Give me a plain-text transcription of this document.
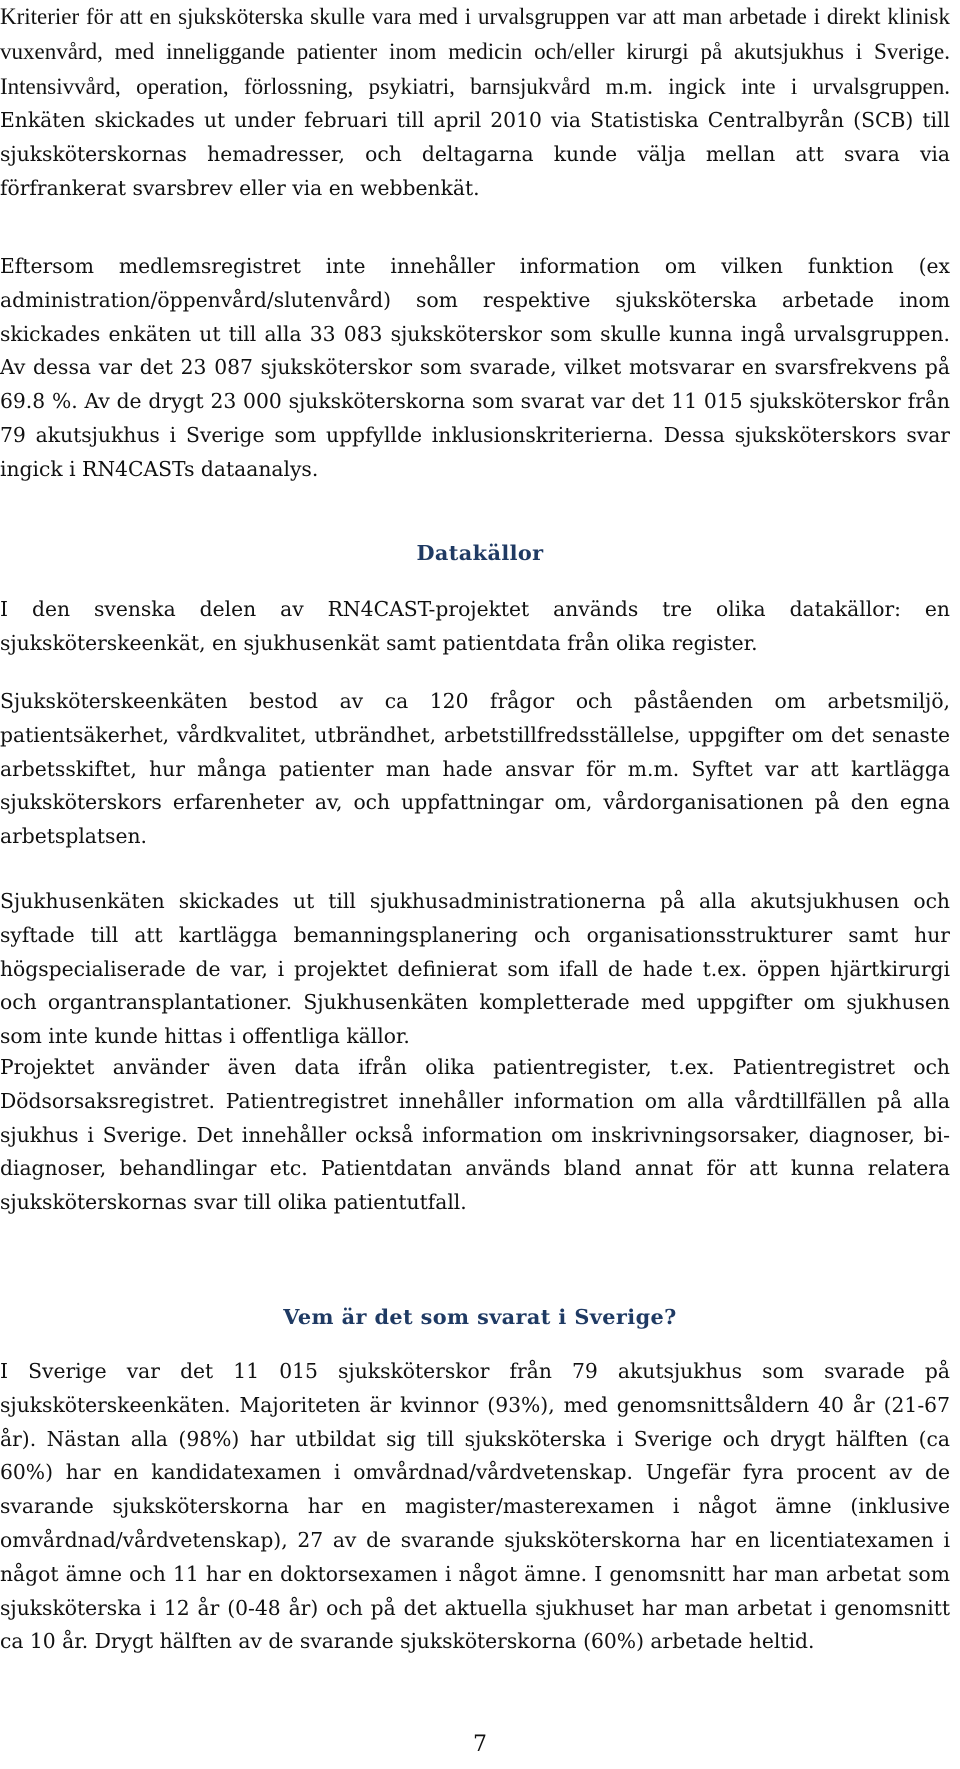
Kriterier för att en sjuksköterska skulle vara med i urvalsgruppen var att man arbetade i direkt klinisk vuxenvård, med inneliggande patienter inom medicin och/eller kirurgi på akutsjukhus i Sverige. Intensivvård, operation, förlossning, psykiatri, barnsjukvård m.m. ingick inte i urvalsgruppen. Enkäten skickades ut under februari till april 2010 via Statistiska Centralbyrån (SCB) till sjuksköterskornas hemadresser, och deltagarna kunde välja mellan att svara via förfrankerat svarsbrev eller via en webbenkät.

Eftersom medlemsregistret inte innehåller information om vilken funktion (ex administration/öppenvård/slutenvård) som respektive sjuksköterska arbetade inom skickades enkäten ut till alla 33 083 sjuksköterskor som skulle kunna ingå urvalsgruppen. Av dessa var det 23 087 sjuksköterskor som svarade, vilket motsvarar en svarsfrekvens på 69.8 %. Av de drygt 23 000 sjuksköterskorna som svarat var det 11 015 sjuksköterskor från 79 akutsjukhus i Sverige som uppfyllde inklusionskriterierna. Dessa sjuksköterskors svar ingick i RN4CASTs dataanalys.

Datakällor

I den svenska delen av RN4CAST-projektet används tre olika datakällor: en sjuksköterskeenkät, en sjukhusenkät samt patientdata från olika register.

Sjuksköterskeenkäten bestod av ca 120 frågor och påståenden om arbetsmiljö, patientsäkerhet, vårdkvalitet, utbrändhet, arbetstillfredsställelse, uppgifter om det senaste arbetsskiftet, hur många patienter man hade ansvar för m.m. Syftet var att kartlägga sjuksköterskors erfarenheter av, och uppfattningar om, vårdorganisationen på den egna arbetsplatsen.

Sjukhusenkäten skickades ut till sjukhusadministrationerna på alla akutsjukhusen och syftade till att kartlägga bemanningsplanering och organisationsstrukturer samt hur högspecialiserade de var, i projektet definierat som ifall de hade t.ex. öppen hjärtkirurgi och organtransplantationer. Sjukhusenkäten kompletterade med uppgifter om sjukhusen som inte kunde hittas i offentliga källor.

Projektet använder även data ifrån olika patientregister, t.ex. Patientregistret och Dödsorsaksregistret. Patientregistret innehåller information om alla vårdtillfällen på alla sjukhus i Sverige. Det innehåller också information om inskrivningsorsaker, diagnoser, bi-diagnoser, behandlingar etc. Patientdatan används bland annat för att kunna relatera sjuksköterskornas svar till olika patientutfall.

Vem är det som svarat i Sverige?

I Sverige var det 11 015 sjuksköterskor från 79 akutsjukhus som svarade på sjuksköterskeenkäten. Majoriteten är kvinnor (93%), med genomsnittsåldern 40 år (21-67 år). Nästan alla (98%) har utbildat sig till sjuksköterska i Sverige och drygt hälften (ca 60%) har en kandidatexamen i omvårdnad/vårdvetenskap. Ungefär fyra procent av de svarande sjuksköterskorna har en magister/masterexamen i något ämne (inklusive omvårdnad/vårdvetenskap), 27 av de svarande sjuksköterskorna har en licentiatexamen i något ämne och 11 har en doktorsexamen i något ämne. I genomsnitt har man arbetat som sjuksköterska i 12 år (0-48 år) och på det aktuella sjukhuset har man arbetat i genomsnitt ca 10 år. Drygt hälften av de svarande sjuksköterskorna (60%) arbetade heltid.

7
